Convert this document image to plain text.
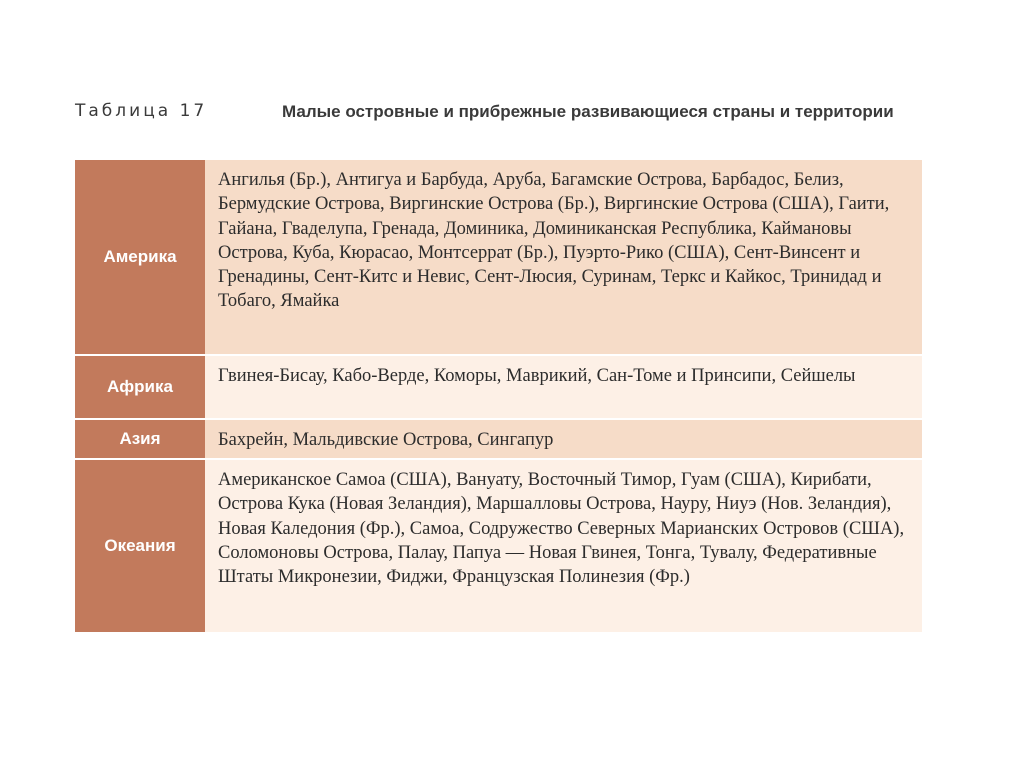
Таблица 17	Малые островные и прибрежные развивающиеся страны и территории
Америка
Ангилья (Бр.), Антигуа и Барбуда, Аруба, Багамские Острова, Барбадос, Белиз, Бермудские Острова, Виргинские Острова (Бр.), Виргинские Острова (США), Гаити, Гайана, Гваделупа, Гренада, Доминика, Доминиканская Республика, Каймановы Острова, Куба, Кюрасао, Монтсеррат (Бр.), Пуэрто-Рико (США), Сент-Винсент и Гренадины, Сент-Китс и Невис, Сент-Люсия, Суринам, Теркс и Кайкос, Тринидад и Тобаго, Ямайка
Африка
Гвинея-Бисау, Кабо-Верде, Коморы, Маврикий, Сан-Томе и Принсипи, Сейшелы
Азия	Бахрейн, Мальдивские Острова, Сингапур
Океания
Американское Самоа (США), Вануату, Восточный Тимор, Гуам (США), Кирибати, Острова Кука (Новая Зеландия), Маршалловы Острова, Науру, Ниуэ (Нов. Зеландия), Новая Каледония (Фр.), Самоа, Содружество Северных Марианских Островов (США), Соломоновы Острова, Палау, Папуа — Новая Гвинея, Тонга, Тувалу, Федеративные Штаты Микронезии, Фиджи, Французская Полинезия (Фр.)
